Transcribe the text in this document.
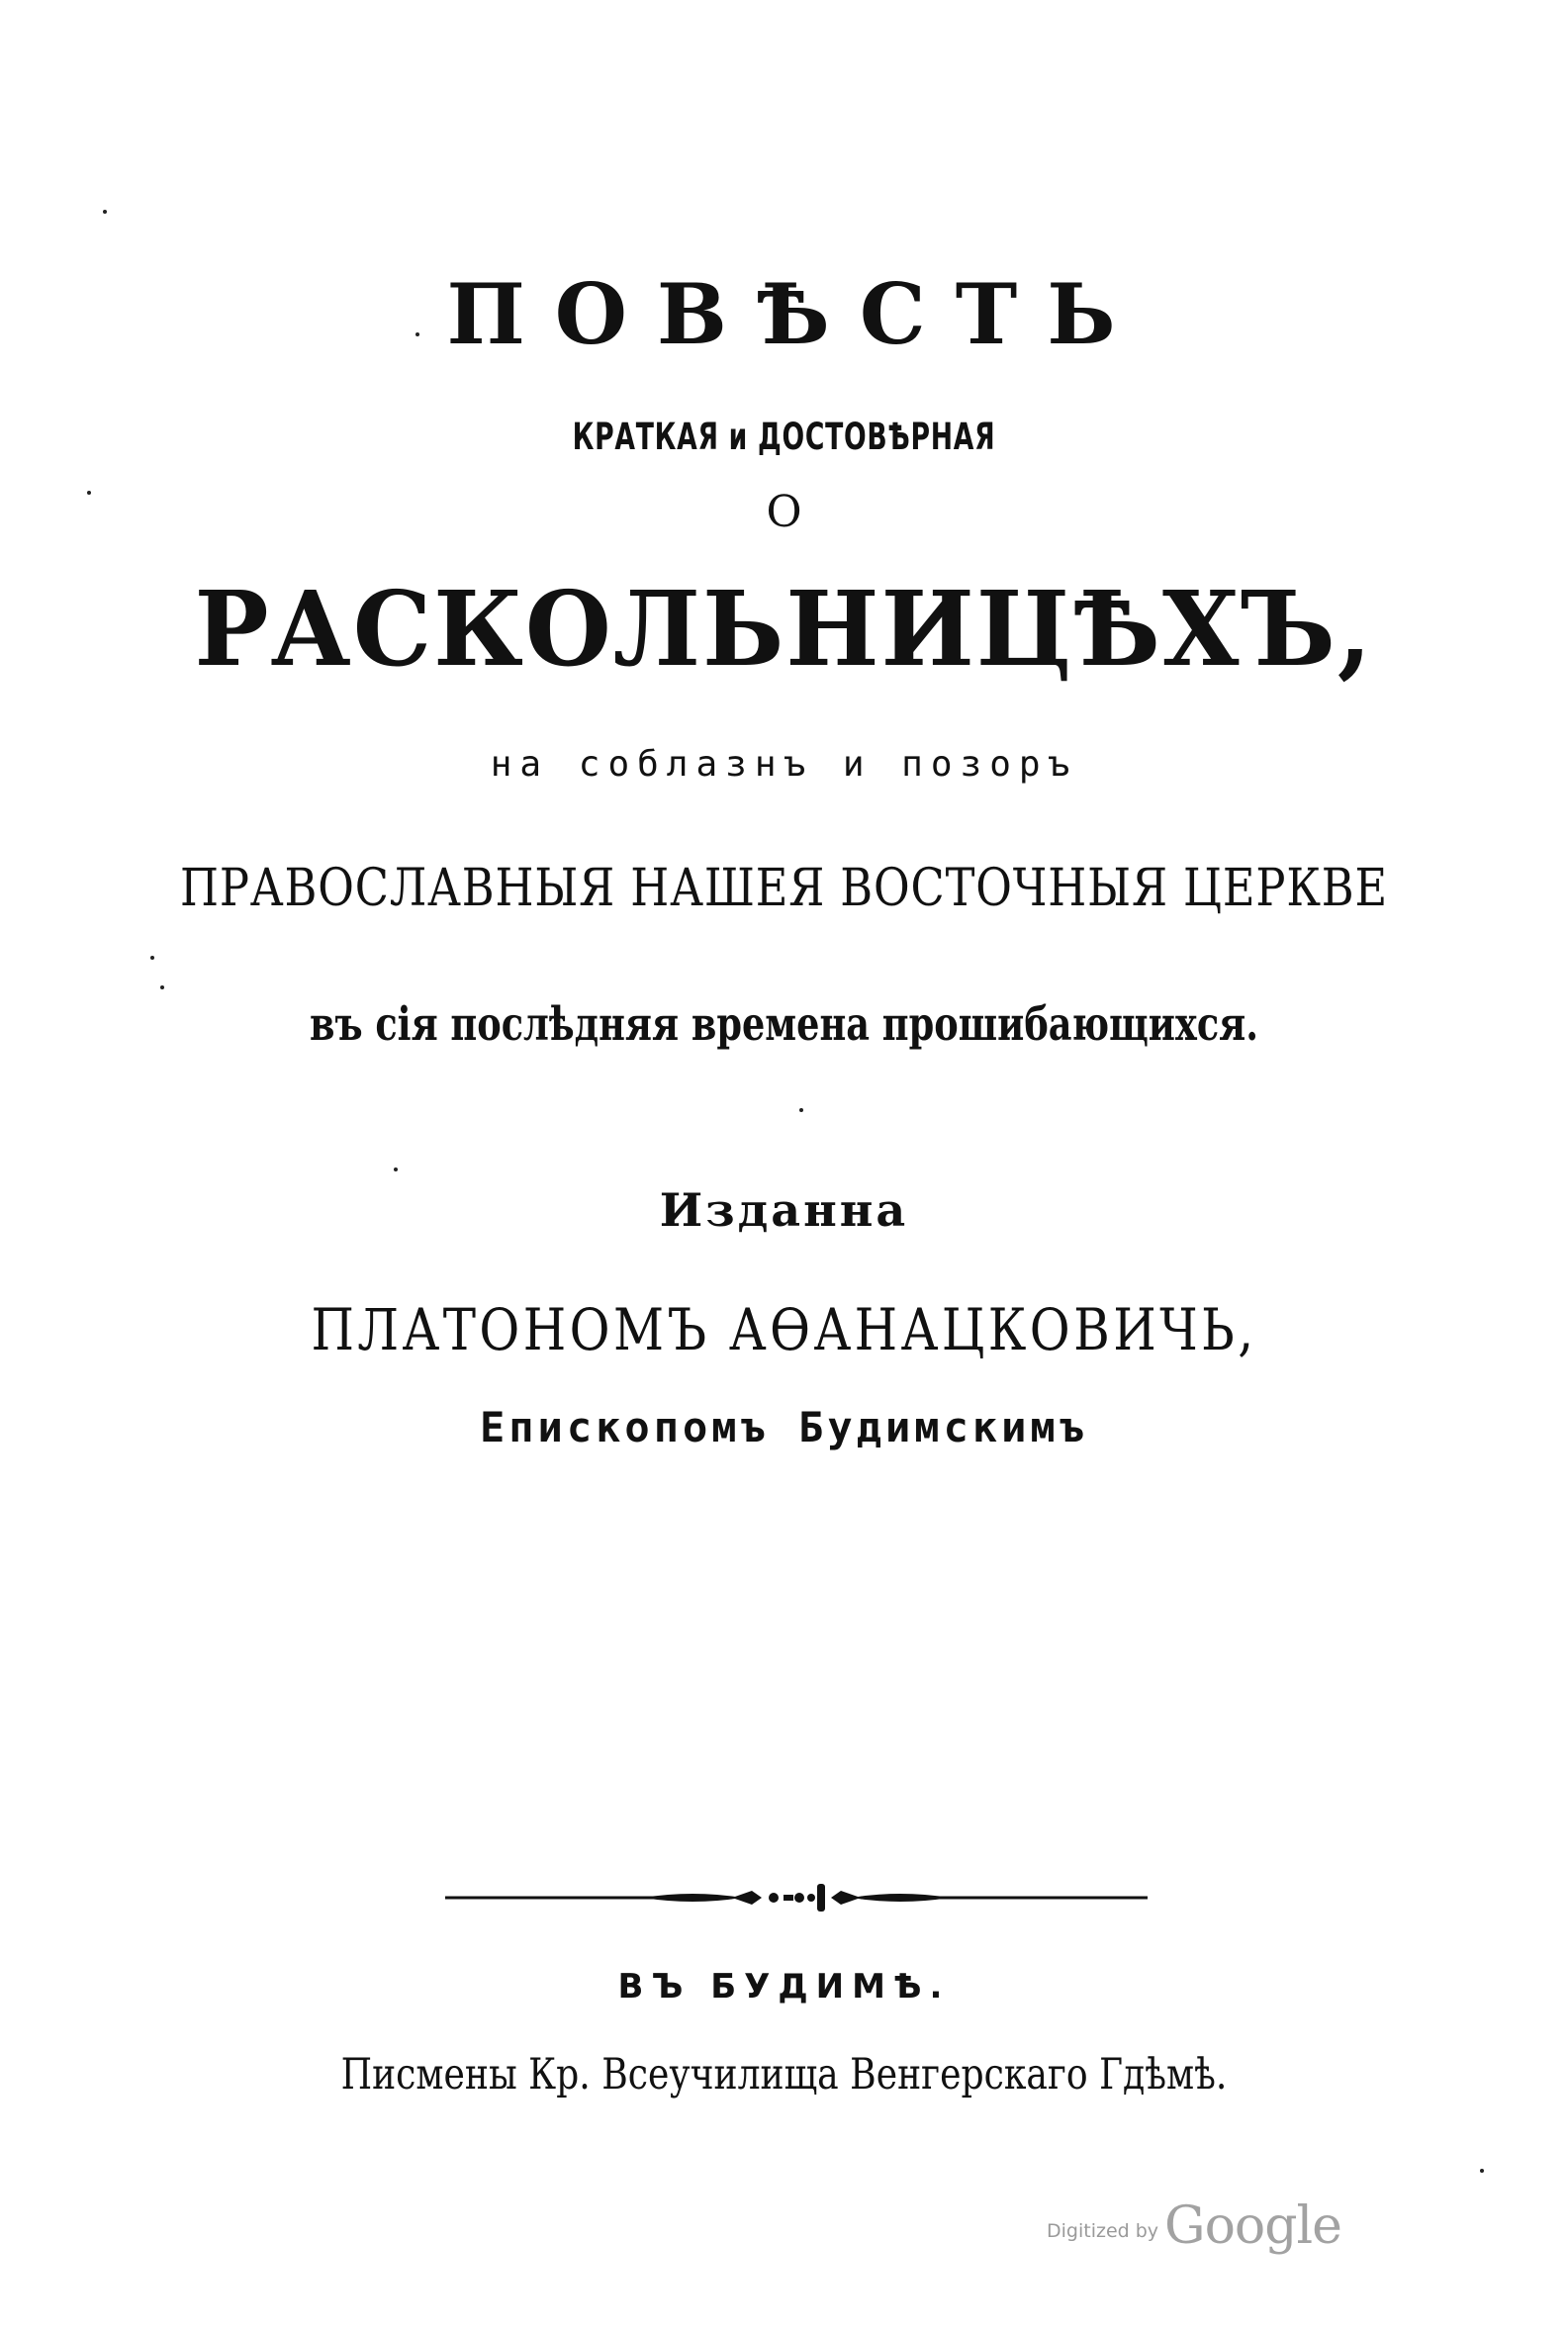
ПОВѢСТЬ
КРАТКАЯ и ДОСТОВѢРНАЯ
О
РАСКОЛЬНИЦѢХЪ,
на соблазнъ и позоръ
ПРАВОСЛАВНЫЯ НАШЕЯ ВОСТОЧНЫЯ ЦЕРКВЕ
въ сія послѣдняя времена прошибающихся.
Изданна
ПЛАТОНОМЪ АѲАНАЦКОВИЧЬ,
Епископомъ Будимскимъ
ВЪ БУДИМѢ.
Писмены Кр. Всеучилища Венгерскаго Гдѣмѣ.
Digitized by Google
